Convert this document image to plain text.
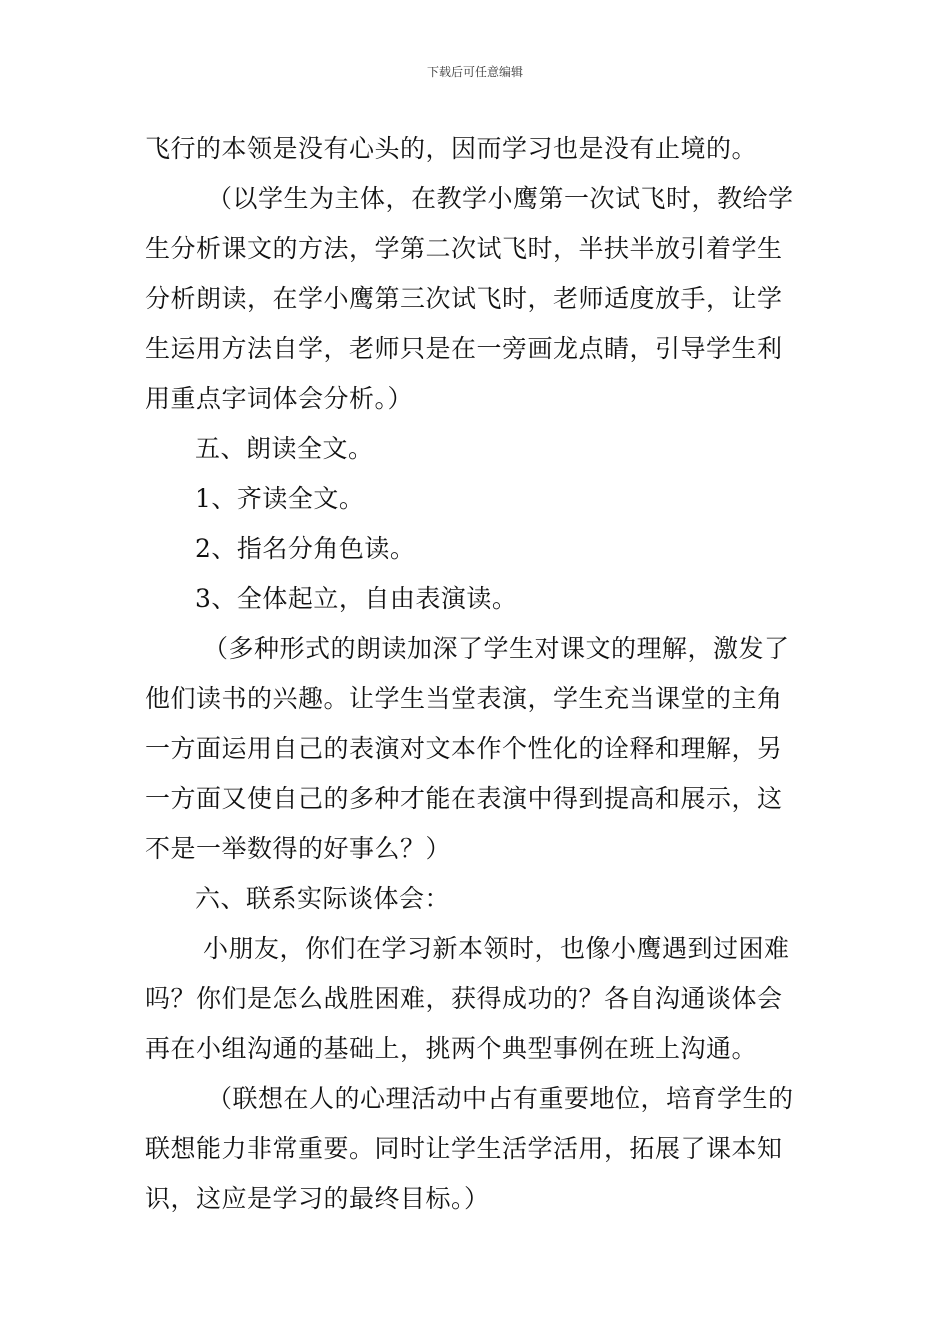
下载后可任意编辑
飞行的本领是没有心头的，因而学习也是没有止境的。
（以学生为主体，在教学小鹰第一次试飞时，教给学
生分析课文的方法，学第二次试飞时，半扶半放引着学生
分析朗读，在学小鹰第三次试飞时，老师适度放手，让学
生运用方法自学，老师只是在一旁画龙点睛，引导学生利
用重点字词体会分析。）
五、朗读全文。
1、齐读全文。
2、指名分角色读。
3、全体起立，自由表演读。
（多种形式的朗读加深了学生对课文的理解，激发了
他们读书的兴趣。让学生当堂表演，学生充当课堂的主角
一方面运用自己的表演对文本作个性化的诠释和理解，另
一方面又使自己的多种才能在表演中得到提高和展示，这
不是一举数得的好事么？）
六、联系实际谈体会：
小朋友，你们在学习新本领时，也像小鹰遇到过困难
吗？你们是怎么战胜困难，获得成功的？各自沟通谈体会
再在小组沟通的基础上，挑两个典型事例在班上沟通。
（联想在人的心理活动中占有重要地位，培育学生的
联想能力非常重要。同时让学生活学活用，拓展了课本知
识，这应是学习的最终目标。）
